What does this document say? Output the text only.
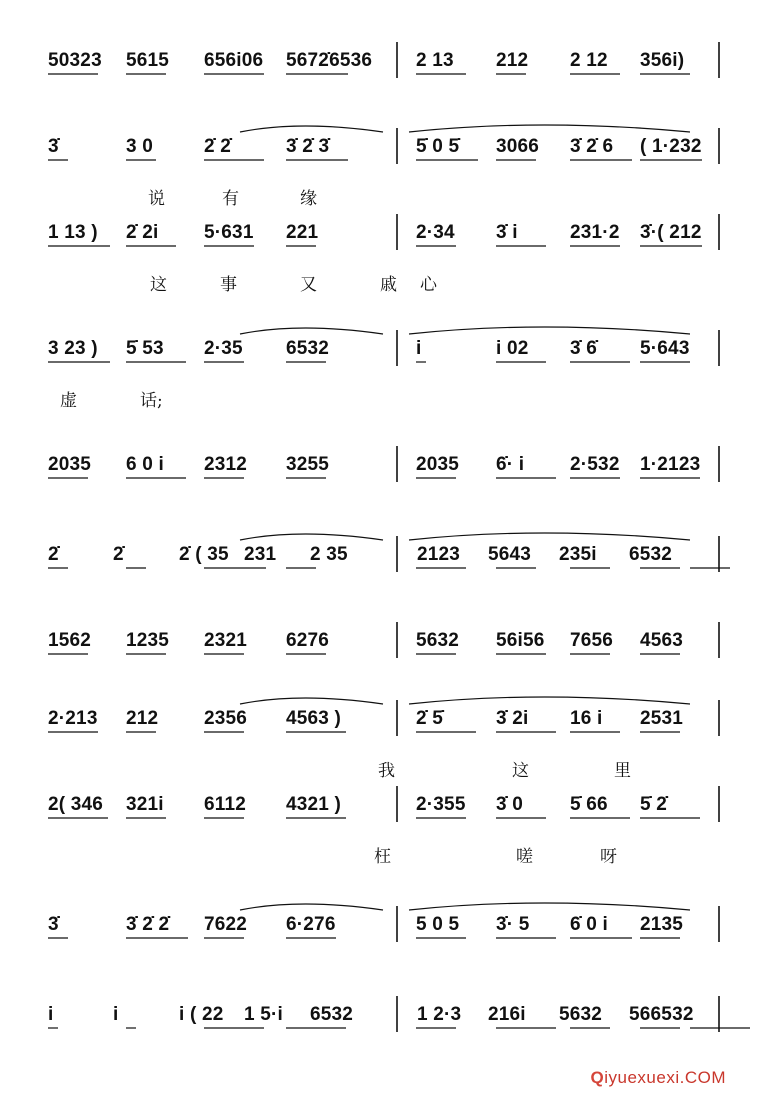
50323 5615 656i06 5672̇6536 2 13 212 2 12 356i)
3̇	3 0	2̇ 2̇	3̇ 2̇ 3̇	5̇ 0 5̇ 3066 3̇ 2̇ 6 ( 1·232
说	有	缘
1 13 ) 2̇ 2i 5·631 221	2·34 3̇ i	231·2 3̇·( 212
这	心
事	又	戚
3 23 ) 5̇ 53 2·35 6532	i	i 02 3̇ 6̇ 5·643
虚	话;
2035 6 0 i 2312 3255	2035 6̇· i 2·532 1·2123
2̇	2̇	2̇ ( 35 231 2 35	2123 5643 235i 6532
1562 1235 2321 6276	5632 56i56 7656 4563
2·213 212 2356 4563 )	2̇ 5̇	3̇ 2i 16 i 2531
我	这	里
2( 346 321i 6112 4321 )	2·355 3̇ 0 5̇ 66 5̇ 2̇
枉	嗟	呀
3̇	3̇ 2̇ 2̇ 7622 6·276	5 0 5 3̇· 5 6̇ 0 i 2135
i	i	i ( 22 1 5·i 6532	1 2·3 216i 5632 566532
Qiyuexuexi.COM
